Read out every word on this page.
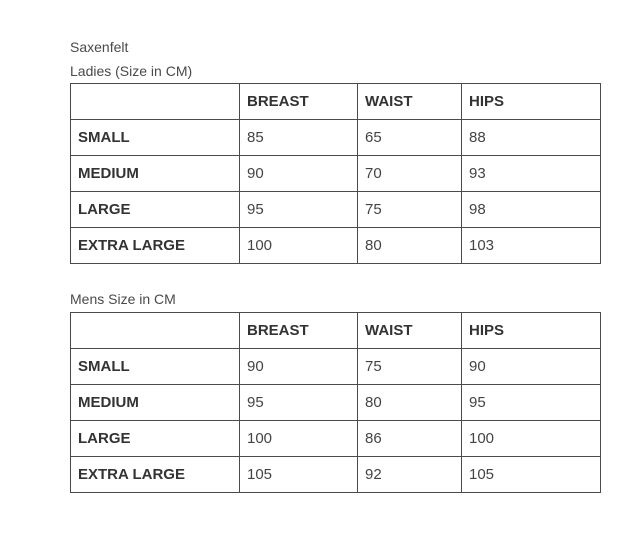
Saxenfelt
Ladies (Size in CM)
	BREAST	WAIST	HIPS
SMALL	85	65	88
MEDIUM	90	70	93
LARGE	95	75	98
EXTRA LARGE	100	80	103
Mens Size in CM
	BREAST	WAIST	HIPS
SMALL	90	75	90
MEDIUM	95	80	95
LARGE	100	86	100
EXTRA LARGE	105	92	105
